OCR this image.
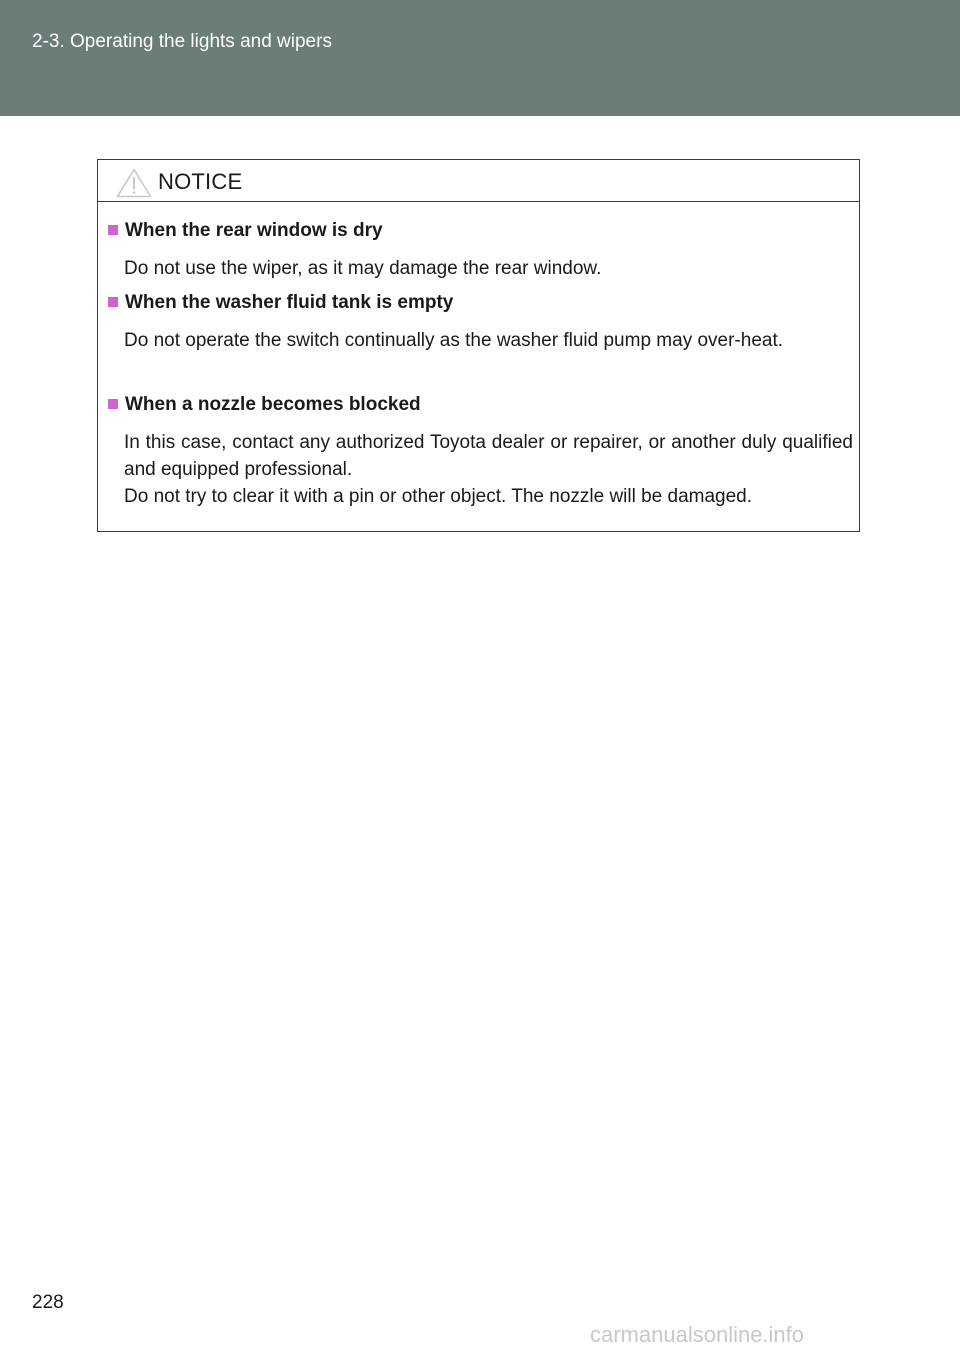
2-3. Operating the lights and wipers
NOTICE
When the rear window is dry
Do not use the wiper, as it may damage the rear window.
When the washer fluid tank is empty
Do not operate the switch continually as the washer fluid pump may over-heat.
When a nozzle becomes blocked
In this case, contact any authorized Toyota dealer or repairer, or another duly qualified and equipped professional.
Do not try to clear it with a pin or other object. The nozzle will be damaged.
228
carmanualsonline.info
